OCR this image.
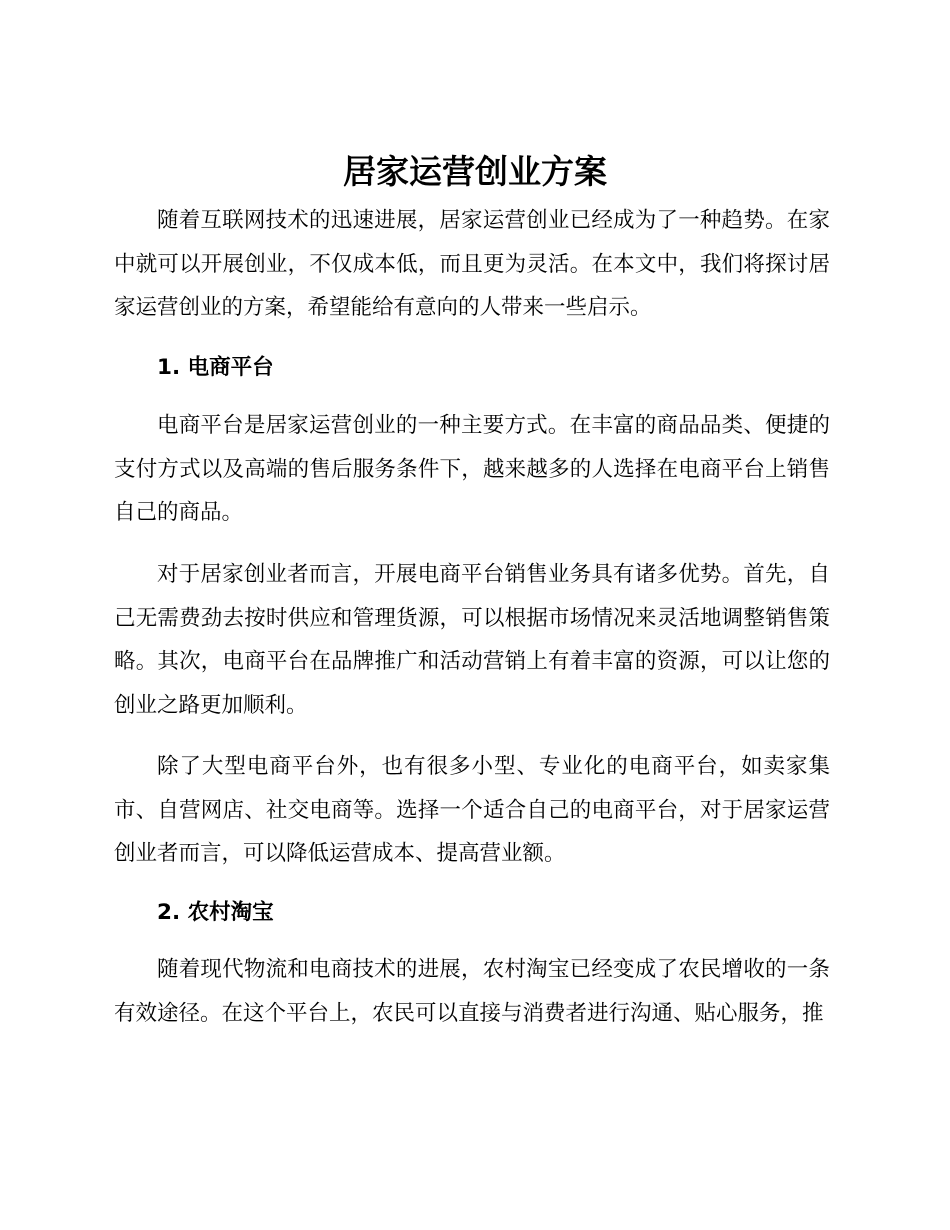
居家运营创业方案

随着互联网技术的迅速进展，居家运营创业已经成为了一种趋势。在家中就可以开展创业，不仅成本低，而且更为灵活。在本文中，我们将探讨居家运营创业的方案，希望能给有意向的人带来一些启示。

1. 电商平台

电商平台是居家运营创业的一种主要方式。在丰富的商品品类、便捷的支付方式以及高端的售后服务条件下，越来越多的人选择在电商平台上销售自己的商品。

对于居家创业者而言，开展电商平台销售业务具有诸多优势。首先，自己无需费劲去按时供应和管理货源，可以根据市场情况来灵活地调整销售策略。其次，电商平台在品牌推广和活动营销上有着丰富的资源，可以让您的创业之路更加顺利。

除了大型电商平台外，也有很多小型、专业化的电商平台，如卖家集市、自营网店、社交电商等。选择一个适合自己的电商平台，对于居家运营创业者而言，可以降低运营成本、提高营业额。

2. 农村淘宝

随着现代物流和电商技术的进展，农村淘宝已经变成了农民增收的一条有效途径。在这个平台上，农民可以直接与消费者进行沟通、贴心服务，推
